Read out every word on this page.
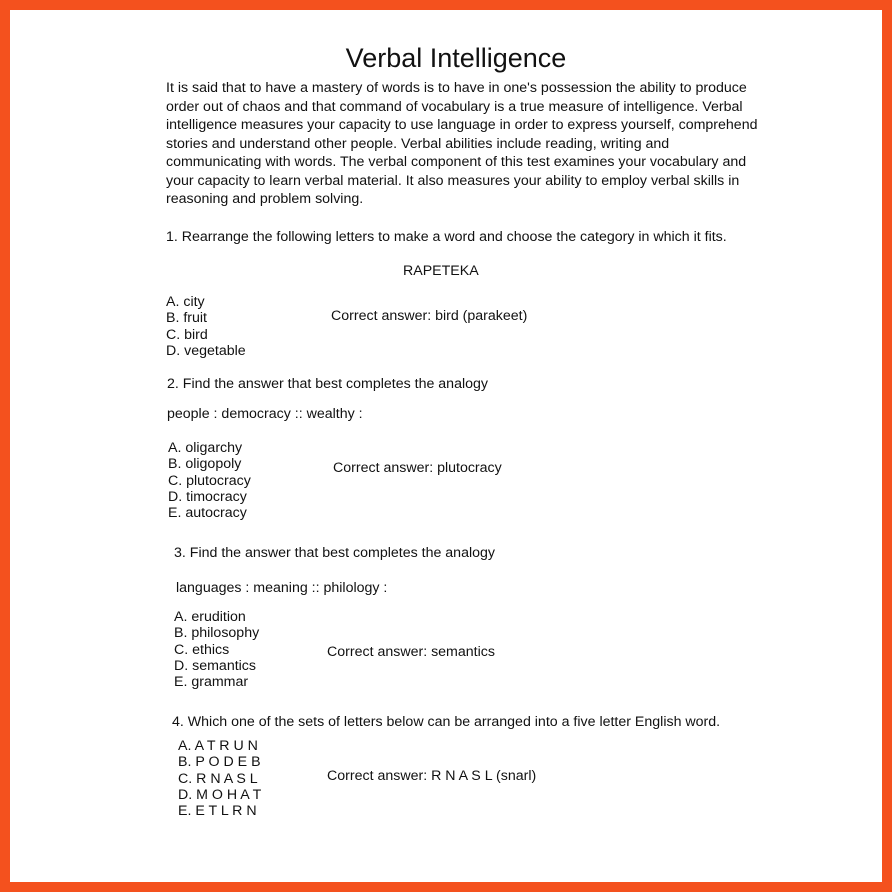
Verbal Intelligence
It is said that to have a mastery of words is to have in one's possession the ability to produce order out of chaos and that command of vocabulary is a true measure of intelligence. Verbal intelligence measures your capacity to use language in order to express yourself, comprehend stories and understand other people. Verbal abilities include reading, writing and communicating with words. The verbal component of this test examines your vocabulary and your capacity to learn verbal material. It also measures your ability to employ verbal skills in reasoning and problem solving.
1. Rearrange the following letters to make a word and choose the category in which it fits.
RAPETEKA
A. city
B. fruit
C. bird
D. vegetable
Correct answer: bird (parakeet)
2. Find the answer that best completes the analogy
people : democracy :: wealthy :
A. oligarchy
B. oligopoly
C. plutocracy
D. timocracy
E. autocracy
Correct answer: plutocracy
3. Find the answer that best completes the analogy
languages : meaning :: philology :
A. erudition
B. philosophy
C. ethics
D. semantics
E. grammar
Correct answer: semantics
4. Which one of the sets of letters below can be arranged into a five letter English word.
A. A T R U N
B. P O D E B
C. R N A S L
D. M O H A T
E. E T L R N
Correct answer: R N A S L (snarl)
